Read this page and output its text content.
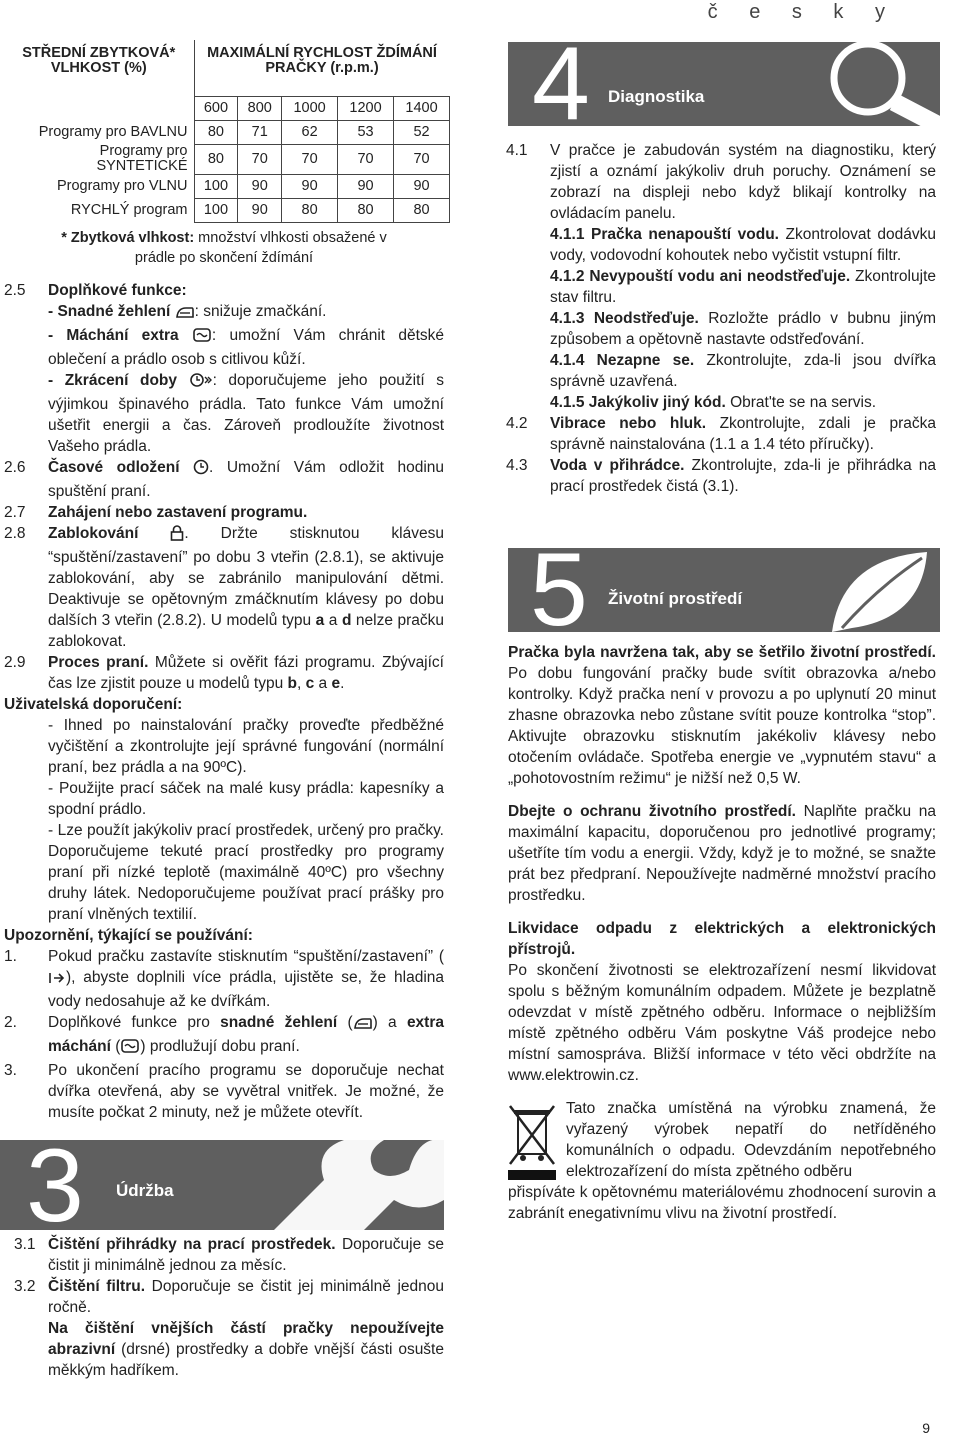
č e s k y
STŘEDNÍ ZBYTKOVÁ* VLHKOST (%)	MAXIMÁLNÍ RYCHLOST ŽDÍMÁNÍ PRAČKY (r.p.m.)				
	600	800	1000	1200	1400
Programy pro BAVLNU	80	71	62	53	52
Programy pro SYNTETICKÉ	80	70	70	70	70
Programy pro VLNU	100	90	90	90	90
RYCHLÝ program	100	90	80	80	80
* Zbytková vlhkost: množství vlhkosti obsažené v prádle po skončení ždímání
2.5	Doplňkové funkce:
- Snadné žehlení : snižuje zmačkání.
- Máchání extra : umožní Vám chránit dětské oblečení a prádlo osob s citlivou kůží.
- Zkrácení doby : doporučujeme jeho použití s výjimkou špinavého prádla. Tato funkce Vám umožní ušetřit energii a čas. Zároveň prodloužíte životnost Vašeho prádla.
2.6	Časové odložení . Umožní Vám odložit hodinu spuštění praní.
2.7	Zahájení nebo zastavení programu.
2.8	Zablokování	. Držte stisknutou klávesu “spuštění/zastavení” po dobu 3 vteřin (2.8.1), se aktivuje zablokování, aby se zabránilo manipulování dětmi. Deaktivuje se opětovným zmáčknutím klávesy po dobu dalších 3 vteřin (2.8.2). U modelů typu a a d nelze pračku zablokovat.
2.9	Proces praní. Můžete si ověřit fázi programu. Zbývající čas lze zjistit pouze u modelů typu b, c a e.
Uživatelská doporučení:
- Ihned po nainstalování pračky proveďte předběžné vyčištění a zkontrolujte její správné fungování (normální praní, bez prádla a na 90ºC).
- Použijte prací sáček na malé kusy prádla: kapesníky a spodní prádlo.
- Lze použít jakýkoliv prací prostředek, určený pro pračky. Doporučujeme tekuté prací prostředky pro programy praní při nízké teplotě (maximálně 40ºC) pro všechny druhy látek. Nedoporučujeme používat prací prášky pro praní vlněných textilií.
Upozornění, týkající se používání:
1.	Pokud pračku zastavíte stisknutím “spuštění/zastavení” (), abyste doplnili více prádla, ujistěte se, že hladina vody nedosahuje až ke dvířkám.
2.	Doplňkové funkce pro snadné žehlení ( ) a extra máchání ( ) prodlužují dobu praní.
3.	Po ukončení pracího programu se doporučuje nechat dvířka otevřená, aby se vyvětral vnitřek. Je možné, že musíte počkat 2 minuty, než je můžete otevřít.
3 Údržba
3.1 Čištění přihrádky na prací prostředek. Doporučuje se čistit ji minimálně jednou za měsíc.
3.2 Čištění filtru. Doporučuje se čistit jej minimálně jednou ročně.
Na čištění vnějších částí pračky nepoužívejte abrazivní (drsné) prostředky a dobře vnější části osušte měkkým hadříkem.
4 Diagnostika
4.1	V pračce je zabudován systém na diagnostiku, který zjistí a oznámí jakýkoliv druh poruchy. Oznámení se zobrazí na displeji nebo když blikají kontrolky na ovládacím panelu.
4.1.1 Pračka nenapouští vodu. Zkontrolovat dodávku vody, vodovodní kohoutek nebo vyčistit vstupní filtr.
4.1.2 Nevypouští vodu ani neodstřeďuje. Zkontrolujte stav filtru.
4.1.3 Neodstřeďuje. Rozložte prádlo v bubnu jiným způsobem a opětovně nastavte odstřeďování.
4.1.4 Nezapne se. Zkontrolujte, zda-li jsou dvířka správně uzavřená.
4.1.5 Jakýkoliv jiný kód. Obrat'te se na servis.
4.2	Vibrace nebo hluk. Zkontrolujte, zdali je pračka správně nainstalována (1.1 a 1.4 této příručky).
4.3	Voda v přihrádce. Zkontrolujte, zda-li je přihrádka na prací prostředek čistá (3.1).
5 Životní prostředí
Pračka byla navržena tak, aby se šetřilo životní prostředí. Po dobu fungování pračky bude svítit obrazovka a/nebo kontrolky. Když pračka není v provozu a po uplynutí 20 minut zhasne obrazovka nebo zůstane svítit pouze kontrolka “stop”. Aktivujte obrazovku stisknutím jakékoliv klávesy nebo otočením ovládače. Spotřeba energie ve „vypnutém stavu“ a „pohotovostním režimu“ je nižší než 0,5 W.
Dbejte o ochranu životního prostředí. Naplňte pračku na maximální kapacitu, doporučenou pro jednotlivé programy; ušetříte tím vodu a energii. Vždy, když je to možné, se snažte prát bez předpraní. Nepoužívejte nadměrné množství pracího prostředku.
Likvidace odpadu z elektrických a elektronických přístrojů.
Po skončení životnosti se elektrozařízení nesmí likvidovat spolu s běžným komunálním odpadem. Můžete je bezplatně odevzdat v místě zpětného odběru. Informace o nejbližším místě zpětného odběru Vám poskytne Váš prodejce nebo místní samosprávа. Bližší informace v této věci obdržíte na www.elektrowin.cz.
Tato značka umístěná na výrobku znamená, že vyřazený výrobek nepatří do netříděného komunálních o odpadu. Odevzdáním nepotřebného elektrozařízení do místa zpětného odběru
přispíváte k opětovnému materiálovému zhodnocení surovin a zabránít enegativnímu vlivu na životní prostředí.
9
